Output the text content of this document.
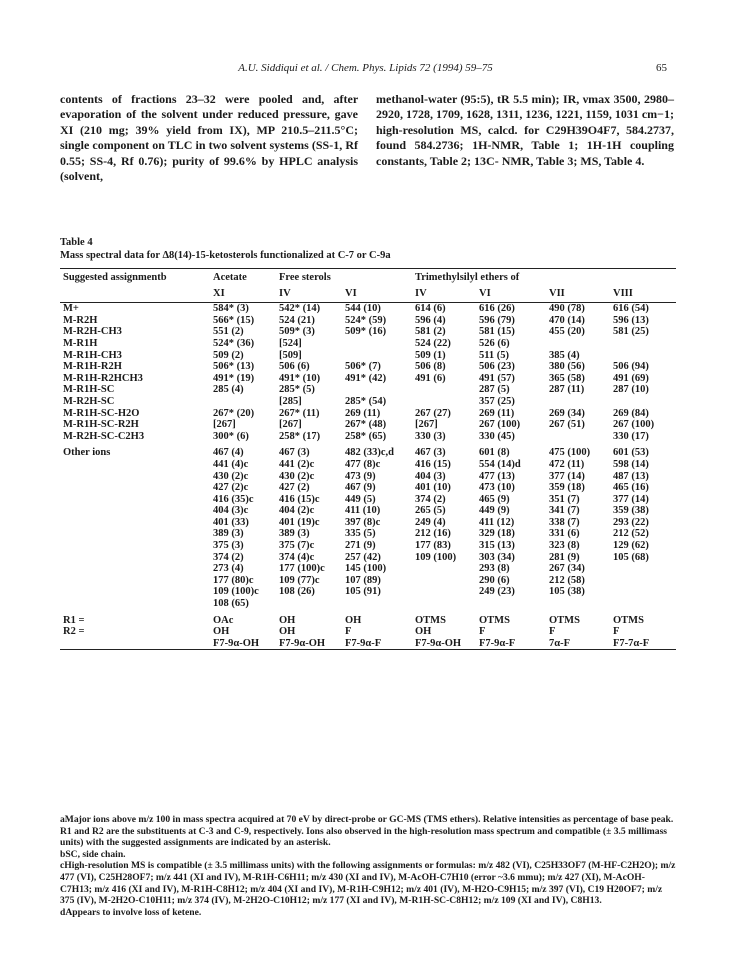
A.U. Siddiqui et al. / Chem. Phys. Lipids 72 (1994) 59–75	65
contents of fractions 23–32 were pooled and, after evaporation of the solvent under reduced pressure, gave XI (210 mg; 39% yield from IX), MP 210.5–211.5°C; single component on TLC in two solvent systems (SS-1, Rf 0.55; SS-4, Rf 0.76); purity of 99.6% by HPLC analysis (solvent,
methanol-water (95:5), tR 5.5 min); IR, νmax 3500, 2980–2920, 1728, 1709, 1628, 1311, 1236, 1221, 1159, 1031 cm−1; high-resolution MS, calcd. for C29H39O4F7, 584.2737, found 584.2736; 1H-NMR, Table 1; 1H-1H coupling constants, Table 2; 13C- NMR, Table 3; MS, Table 4.
Table 4
Mass spectral data for Δ8(14)-15-ketosterols functionalized at C-7 or C-9a
Suggested assignmentb	Acetate	Free sterols		Trimethylsilyl ethers of			
	XI	IV	VI	IV	VI	VII	VIII
M+	584* (3)	542* (14)	544 (10)	614 (6)	616 (26)	490 (78)	616 (54)
M-R2H	566* (15)	524 (21)	524* (59)	596 (4)	596 (79)	470 (14)	596 (13)
M-R2H-CH3	551 (2)	509* (3)	509* (16)	581 (2)	581 (15)	455 (20)	581 (25)
M-R1H	524* (36)	[524]		524 (22)	526 (6)		
M-R1H-CH3	509 (2)	[509]		509 (1)	511 (5)	385 (4)	
M-R1H-R2H	506* (13)	506 (6)	506* (7)	506 (8)	506 (23)	380 (56)	506 (94)
M-R1H-R2HCH3	491* (19)	491* (10)	491* (42)	491 (6)	491 (57)	365 (58)	491 (69)
M-R1H-SC	285 (4)	285* (5)			287 (5)	287 (11)	287 (10)
M-R2H-SC		[285]	285* (54)		357 (25)		
M-R1H-SC-H2O	267* (20)	267* (11)	269 (11)	267 (27)	269 (11)	269 (34)	269 (84)
M-R1H-SC-R2H	[267]	[267]	267* (48)	[267]	267 (100)	267 (51)	267 (100)
M-R2H-SC-C2H3	300* (6)	258* (17)	258* (65)	330 (3)	330 (45)		330 (17)

Other ions	467 (4)	467 (3)	482 (33)c,d	467 (3)	601 (8)	475 (100)	601 (53)
	441 (4)c	441 (2)c	477 (8)c	416 (15)	554 (14)d	472 (11)	598 (14)
	430 (2)c	430 (2)c	473 (9)	404 (3)	477 (13)	377 (14)	487 (13)
	427 (2)c	427 (2)	467 (9)	401 (10)	473 (10)	359 (18)	465 (16)
	416 (35)c	416 (15)c	449 (5)	374 (2)	465 (9)	351 (7)	377 (14)
	404 (3)c	404 (2)c	411 (10)	265 (5)	449 (9)	341 (7)	359 (38)
	401 (33)	401 (19)c	397 (8)c	249 (4)	411 (12)	338 (7)	293 (22)
	389 (3)	389 (3)	335 (5)	212 (16)	329 (18)	331 (6)	212 (52)
	375 (3)	375 (7)c	271 (9)	177 (83)	315 (13)	323 (8)	129 (62)
	374 (2)	374 (4)c	257 (42)	109 (100)	303 (34)	281 (9)	105 (68)
	273 (4)	177 (100)c	145 (100)		293 (8)	267 (34)	
	177 (80)c	109 (77)c	107 (89)		290 (6)	212 (58)	
	109 (100)c	108 (26)	105 (91)		249 (23)	105 (38)	
	108 (65)						

R1 =	OAc	OH	OH	OTMS	OTMS	OTMS	OTMS
R2 =	OH	OH	F	OH	F	F	F
	F7-9α-OH	F7-9α-OH	F7-9α-F	F7-9α-OH	F7-9α-F	7α-F	F7-7α-F

aMajor ions above m/z 100 in mass spectra acquired at 70 eV by direct-probe or GC-MS (TMS ethers). Relative intensities as percentage of base peak. R1 and R2 are the substituents at C-3 and C-9, respectively. Ions also observed in the high-resolution mass spectrum and compatible (± 3.5 millimass units) with the suggested assignments are indicated by an asterisk.

bSC, side chain.

cHigh-resolution MS is compatible (± 3.5 millimass units) with the following assignments or formulas: m/z 482 (VI), C25H33OF7 (M-HF-C2H2O); m/z 477 (VI), C25H28OF7; m/z 441 (XI and IV), M-R1H-C6H11; m/z 430 (XI and IV), M-AcOH-C7H10 (error ~3.6 mmu); m/z 427 (XI), M-AcOH-C7H13; m/z 416 (XI and IV), M-R1H-C8H12; m/z 404 (XI and IV), M-R1H-C9H12; m/z 401 (IV), M-H2O-C9H15; m/z 397 (VI), C19 H20OF7; m/z 375 (IV), M-2H2O-C10H11; m/z 374 (IV), M-2H2O-C10H12; m/z 177 (XI and IV), M-R1H-SC-C8H12; m/z 109 (XI and IV), C8H13.

dAppears to involve loss of ketene.
